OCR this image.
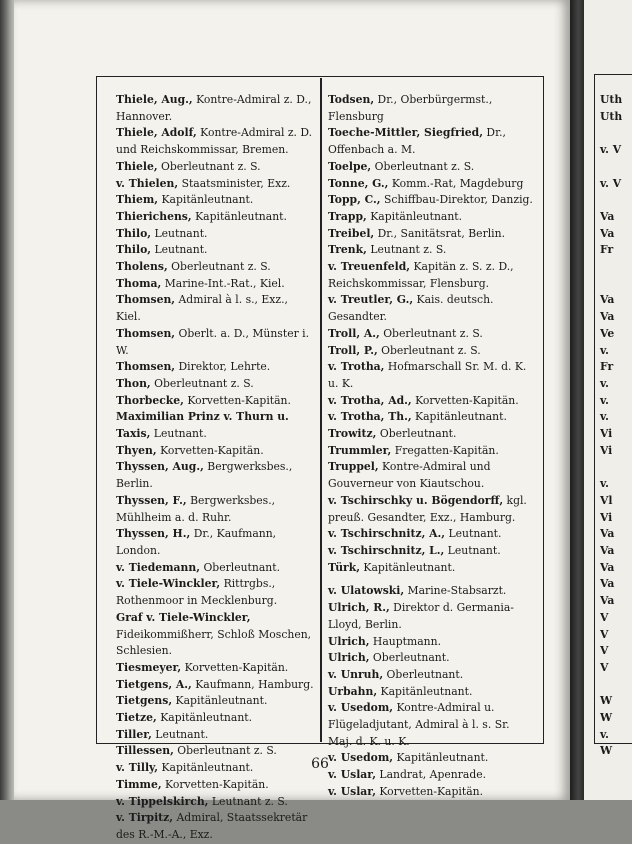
Thiele, Aug., Kontre-Admiral z. D., Hannover.
Thiele, Adolf, Kontre-Admiral z. D. und Reichskommissar, Bremen.
Thiele, Oberleutnant z. S.
v. Thielen, Staatsminister, Exz.
Thiem, Kapitänleutnant.
Thierichens, Kapitänleutnant.
Thilo, Leutnant.
Thilo, Leutnant.
Tholens, Oberleutnant z. S.
Thoma, Marine-Int.-Rat., Kiel.
Thomsen, Admiral à l. s., Exz., Kiel.
Thomsen, Oberlt. a. D., Münster i. W.
Thomsen, Direktor, Lehrte.
Thon, Oberleutnant z. S.
Thorbecke, Korvetten-Kapitän.
Maximilian Prinz v. Thurn u. Taxis, Leutnant.
Thyen, Korvetten-Kapitän.
Thyssen, Aug., Bergwerksbes., Berlin.
Thyssen, F., Bergwerksbes., Mühlheim a. d. Ruhr.
Thyssen, H., Dr., Kaufmann, London.
v. Tiedemann, Oberleutnant.
v. Tiele-Winckler, Rittrgbs., Rothenmoor in Mecklenburg.
Graf v. Tiele-Winckler, Fideikommißherr, Schloß Moschen, Schlesien.
Tiesmeyer, Korvetten-Kapitän.
Tietgens, A., Kaufmann, Hamburg.
Tietgens, Kapitänleutnant.
Tietze, Kapitänleutnant.
Tiller, Leutnant.
Tillessen, Oberleutnant z. S.
v. Tilly, Kapitänleutnant.
Timme, Korvetten-Kapitän.
v. Tippelskirch, Leutnant z. S.
v. Tirpitz, Admiral, Staatssekretär des R.-M.-A., Exz.
Todsen, Dr., Oberbürgermst., Flensburg
Toeche-Mittler, Siegfried, Dr., Offenbach a. M.
Toelpe, Oberleutnant z. S.
Tonne, G., Komm.-Rat, Magdeburg
Topp, C., Schiffbau-Direktor, Danzig.
Trapp, Kapitänleutnant.
Treibel, Dr., Sanitätsrat, Berlin.
Trenk, Leutnant z. S.
v. Treuenfeld, Kapitän z. S. z. D., Reichskommissar, Flensburg.
v. Treutler, G., Kais. deutsch. Gesandter.
Troll, A., Oberleutnant z. S.
Troll, P., Oberleutnant z. S.
v. Trotha, Hofmarschall Sr. M. d. K. u. K.
v. Trotha, Ad., Korvetten-Kapitän.
v. Trotha, Th., Kapitänleutnant.
Trowitz, Oberleutnant.
Trummler, Fregatten-Kapitän.
Truppel, Kontre-Admiral und Gouverneur von Kiautschou.
v. Tschirschky u. Bögendorff, kgl. preuß. Gesandter, Exz., Hamburg.
v. Tschirschnitz, A., Leutnant.
v. Tschirschnitz, L., Leutnant.
Türk, Kapitänleutnant.
v. Ulatowski, Marine-Stabsarzt.
Ulrich, R., Direktor d. Germania-Lloyd, Berlin.
Ulrich, Hauptmann.
Ulrich, Oberleutnant.
v. Unruh, Oberleutnant.
Urbahn, Kapitänleutnant.
v. Usedom, Kontre-Admiral u. Flügeladjutant, Admiral à l. s. Sr. Maj. d. K. u. K.
v. Usedom, Kapitänleutnant.
v. Uslar, Landrat, Apenrade.
v. Uslar, Korvetten-Kapitän.
66
Uth
Uth

v. V

v. V

Va
Va
Fr

Va
Va
Ve
v.
Fr
v.
v.
v.
Vi
Vi

v.
Vl
Vi
Va
Va
Va
Va
Va
V
V
V
V

W
W
v.
W
